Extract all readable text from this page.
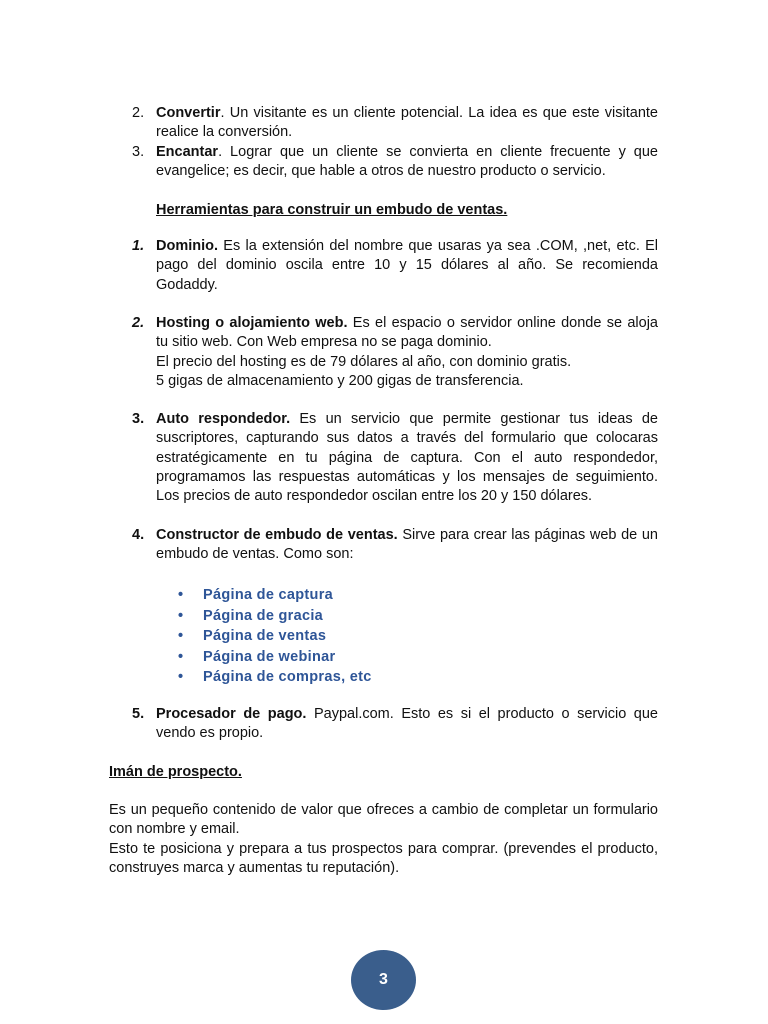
2. Convertir. Un visitante es un cliente potencial. La idea es que este visitante realice la conversión.
3. Encantar. Lograr que un cliente se convierta en cliente frecuente y que evangelice; es decir, que hable a otros de nuestro producto o servicio.
Herramientas para construir un embudo de ventas.
1. Dominio. Es la extensión del nombre que usaras ya sea .COM, ,net, etc. El pago del dominio oscila entre 10 y 15 dólares al año. Se recomienda Godaddy.
2. Hosting o alojamiento web. Es el espacio o servidor online donde se aloja tu sitio web. Con Web empresa no se paga dominio.
El precio del hosting es de 79 dólares al año, con dominio gratis.
5 gigas de almacenamiento y 200 gigas de transferencia.
3. Auto respondedor. Es un servicio que permite gestionar tus ideas de suscriptores, capturando sus datos a través del formulario que colocaras estratégicamente en tu página de captura. Con el auto respondedor, programamos las respuestas automáticas y los mensajes de seguimiento. Los precios de auto respondedor oscilan entre los 20 y 150 dólares.
4. Constructor de embudo de ventas. Sirve para crear las páginas web de un embudo de ventas. Como son:
• Página de captura
• Página de gracia
• Página de ventas
• Página de webinar
• Página de compras, etc
5. Procesador de pago. Paypal.com. Esto es si el producto o servicio que vendo es propio.
Imán de prospecto.

Es un pequeño contenido de valor que ofreces a cambio de completar un formulario con nombre y email.

Esto te posiciona y prepara a tus prospectos para comprar. (prevendes el producto, construyes marca y aumentas tu reputación).

3
